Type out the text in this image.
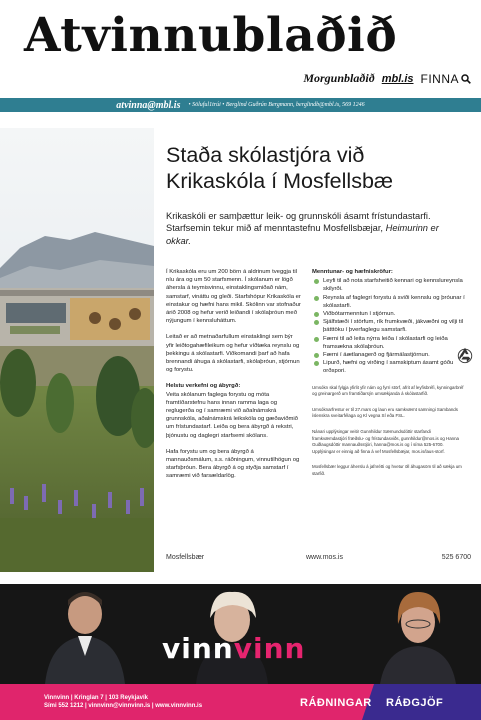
Atvinnublaðið
Morgunblaðið mbl.is FINNA
atvinna@mbl.is • Söluful1trúi • Berglind Guðrún Bergmann, berglindb@mbl.is, 569 1246
Staða skólastjóra við Krikaskóla í Mosfellsbæ
Krikaskóli er samþættur leik- og grunnskóli ásamt frístundastarfi. Starfsemin tekur mið af menntastefnu Mosfellsbæjar, Heimurinn er okkar.

Í Krikaskóla eru um 200 börn á aldrinum tveggja til níu ára og um 50 starfsmenn. Í skólanum er lögð áhersla á teymisvinnu, einstaklingsmiðað nám, samstarf, vináttu og gleði. Starfshópur Krikaskóla er einstakur og hæfni hans mikil. Skólinn var stofnaður árið 2008 og hefur verið leiðandi í skólaþróun með nýjungum í kennsluháttum.

Leitað er að metnaðarfullum einstaklingi sem býr yfir leiðtogahæfileikum og hefur víðtæka reynslu og þekkingu á skólastarfi. Viðkomandi þarf að hafa brennandi áhuga á skólastarfi, skólaþróun, stjórnun og forystu.

Helstu verkefni og ábyrgð:
Veita skólanum faglega forystu og móta framtíðarstefnu hans innan ramma laga og reglugerða og í samræmi við aðalnámskrá grunnskóla, aðalnámskrá leikskóla og gæðaviðmið um frístundastarf. Leiða og bera ábyrgð á rekstri, þjónustu og daglegri starfsemi skólans.

Hafa forystu um og bera ábyrgð á mannauðsmálum, s.s. ráðningum, vinnutilhögun og starfsþróun. Bera ábyrgð á og styðja samstarf í samræmi við farsældarlög.

Menntunar- og hæfniskröfur:
Leyfi til að nota starfsheitið kennari og kennslureynsla skilyrði.
Reynsla af faglegri forystu á sviði kennslu og þróunar í skólastarfi.
Viðbótarmenntun í stjórnun.
Sjálfstæði í störfum, rík frumkvæði, jákvæðni og vilji til þátttöku í þverfaglegu samstarfi.
Færni til að leita nýrra leiða í skólastarfi og leiða framsækna skólaþróun.
Færni í áætlanagerð og fjármálastjórnun.
Lipurð, hæfni og virðing í samskiptum ásamt góðu orðspori.

Umsókn skal fylgja yfirlit yfir nám og fyrri störf, afrit af leyfisbréfi, kynningarbréf og greinargerð um framtíðarsýn umsækjanda á skólastarfið.

Umsóknarfrestur er til 27.mars og laun eru samkvæmt samningi Sambands íslenskra sveitarfélaga og KÍ vegna SÍ eða FSL.

Nánari upplýsingar veitir Gunnhildur Sæmundsdóttir starfandi framkvæmdastjóri fræðslu- og frístundasviðs, gunnhildur@mos.is og Hanna Guðlaugsdóttir mannauðsstjóri, hanna@mos.is og í síma 525-6700. Upplýsingar er einnig að finna á vef Mosfellsbæjar, mos.is/laus-storf.

Mosfellsbær leggur áherslu á jafnrétti og hvetur öll áhugasöm til að sækja um starfið.

Mosfellsbær	www.mos.is	525 6700
vinnvinn
Vinnvinn | Kringlan 7 | 103 Reykjavík
Sími 552 1212 | vinnvinn@vinnvinn.is | www.vinnvinn.is	RÁÐNINGAR RÁÐGJÖF
